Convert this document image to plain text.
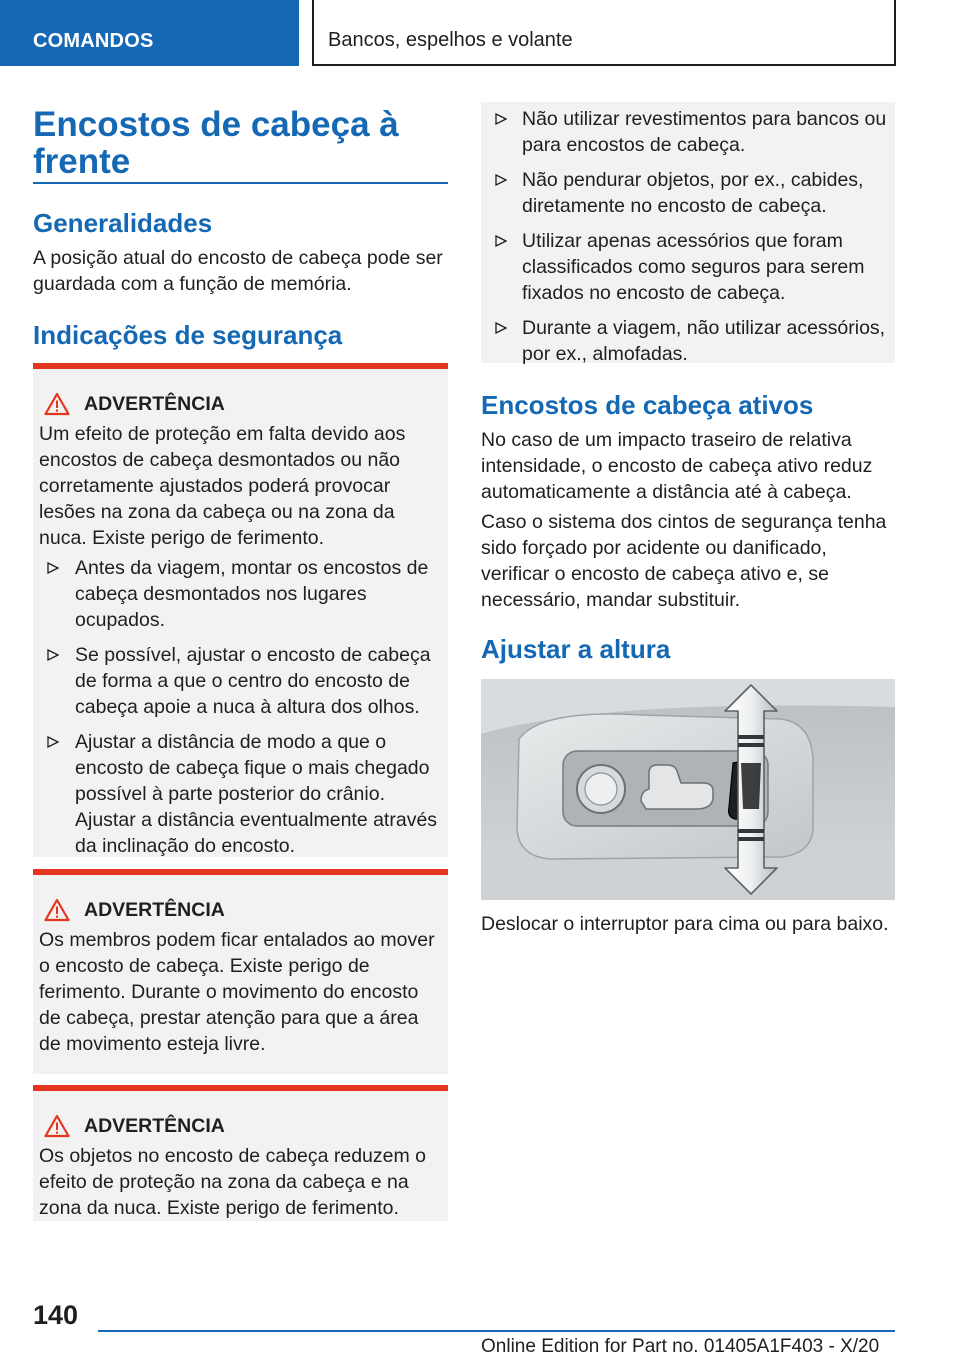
COMANDOS	Bancos, espelhos e volante
Encostos de cabeça à frente
Generalidades
A posição atual do encosto de cabeça pode ser guardada com a função de memória.
Indicações de segurança
ADVERTÊNCIA
Um efeito de proteção em falta devido aos encostos de cabeça desmontados ou não corretamente ajustados poderá provocar lesões na zona da cabeça ou na zona da nuca. Existe perigo de ferimento.
Antes da viagem, montar os encostos de cabeça desmontados nos lugares ocupados.
Se possível, ajustar o encosto de cabeça de forma a que o centro do encosto de cabeça apoie a nuca à altura dos olhos.
Ajustar a distância de modo a que o encosto de cabeça fique o mais chegado possível à parte posterior do crânio. Ajustar a distância eventualmente através da inclinação do encosto.
ADVERTÊNCIA
Os membros podem ficar entalados ao mover o encosto de cabeça. Existe perigo de ferimento. Durante o movimento do encosto de cabeça, prestar atenção para que a área de movimento esteja livre.
ADVERTÊNCIA
Os objetos no encosto de cabeça reduzem o efeito de proteção na zona da cabeça e na zona da nuca. Existe perigo de ferimento.
Não utilizar revestimentos para bancos ou para encostos de cabeça.
Não pendurar objetos, por ex., cabides, diretamente no encosto de cabeça.
Utilizar apenas acessórios que foram classificados como seguros para serem fixados no encosto de cabeça.
Durante a viagem, não utilizar acessórios, por ex., almofadas.
Encostos de cabeça ativos
No caso de um impacto traseiro de relativa intensidade, o encosto de cabeça ativo reduz automaticamente a distância até à cabeça.
Caso o sistema dos cintos de segurança tenha sido forçado por acidente ou danificado, verificar o encosto de cabeça ativo e, se necessário, mandar substituir.
Ajustar a altura
Deslocar o interruptor para cima ou para baixo.
140
Online Edition for Part no. 01405A1F403 - X/20
